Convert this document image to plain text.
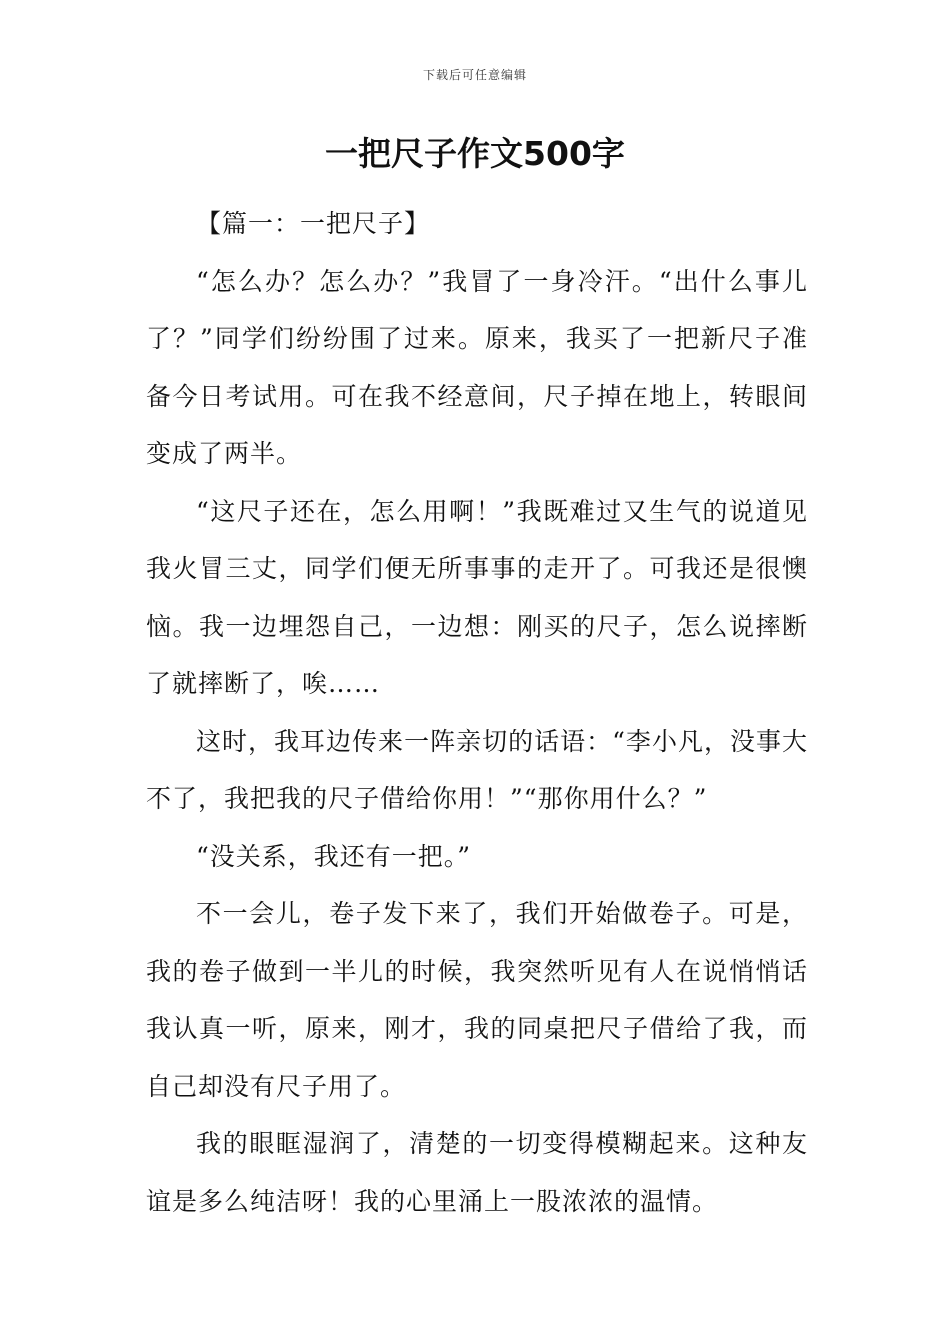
下载后可任意编辑
一把尺子作文500字

【篇一：一把尺子】

“怎么办？怎么办？”我冒了一身冷汗。“出什么事儿了？”同学们纷纷围了过来。原来，我买了一把新尺子准备今日考试用。可在我不经意间，尺子掉在地上，转眼间变成了两半。

“这尺子还在，怎么用啊！”我既难过又生气的说道见我火冒三丈，同学们便无所事事的走开了。可我还是很懊恼。我一边埋怨自己，一边想：刚买的尺子，怎么说摔断了就摔断了，唉……

这时，我耳边传来一阵亲切的话语：“李小凡，没事大不了，我把我的尺子借给你用！”“那你用什么？”

“没关系，我还有一把。”

不一会儿，卷子发下来了，我们开始做卷子。可是，我的卷子做到一半儿的时候，我突然听见有人在说悄悄话我认真一听，原来，刚才，我的同桌把尺子借给了我，而自己却没有尺子用了。

我的眼眶湿润了，清楚的一切变得模糊起来。这种友谊是多么纯洁呀！我的心里涌上一股浓浓的温情。
